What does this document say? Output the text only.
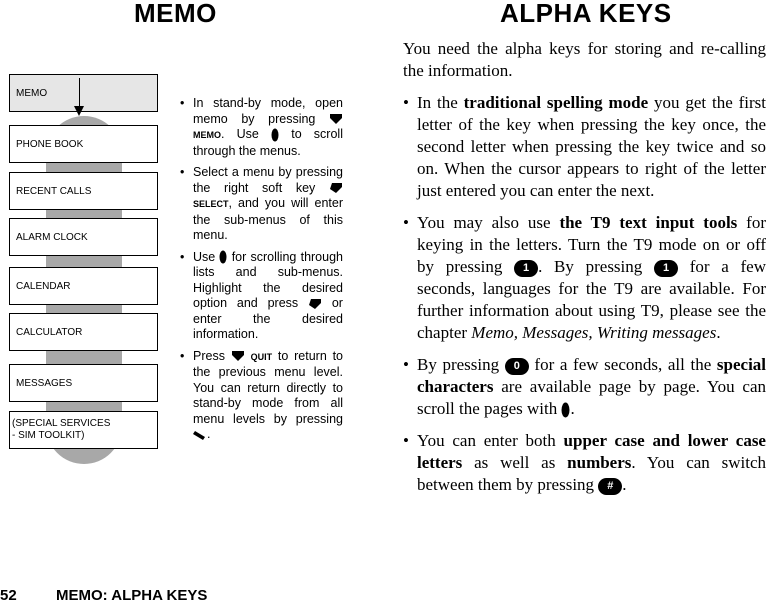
MEMO	ALPHA KEYS
MEMO
PHONE BOOK
RECENT CALLS
ALARM CLOCK
CALENDAR
CALCULATOR
MESSAGES
(SPECIAL SERVICES
- SIM TOOLKIT)
• In stand-by mode, open memo by pressing  MEMO. Use	to scroll through the menus.
• Select a menu by pressing the right soft key  SELECT, and you will enter the sub-menus of this menu.
• Use for scrolling through lists and sub-menus. Highlight the desired option and press	or enter the desired information.
• Press	QUIT to return to the previous menu level. You can return directly to stand-by mode from all menu levels by pressing .

You need the alpha keys for storing and re-calling the information.

• In the traditional spelling mode you get the first letter of the key when pressing the key once, the second letter when pressing the key twice and so on. When the cursor appears to right of the letter just entered you can enter the next.
• You may also use the T9 text input tools for keying in the letters. Turn the T9 mode on or off by pressing 1 . By pressing 1 for a few seconds, languages for the T9 are available. For further information about using T9, please see the chapter Memo, Messages, Writing messages.
• By pressing 0 for a few seconds, all the special characters are available page by page. You can scroll the pages with .
• You can enter both upper case and lower case letters as well as numbers. You can switch between them by pressing # .
52	MEMO: ALPHA KEYS
